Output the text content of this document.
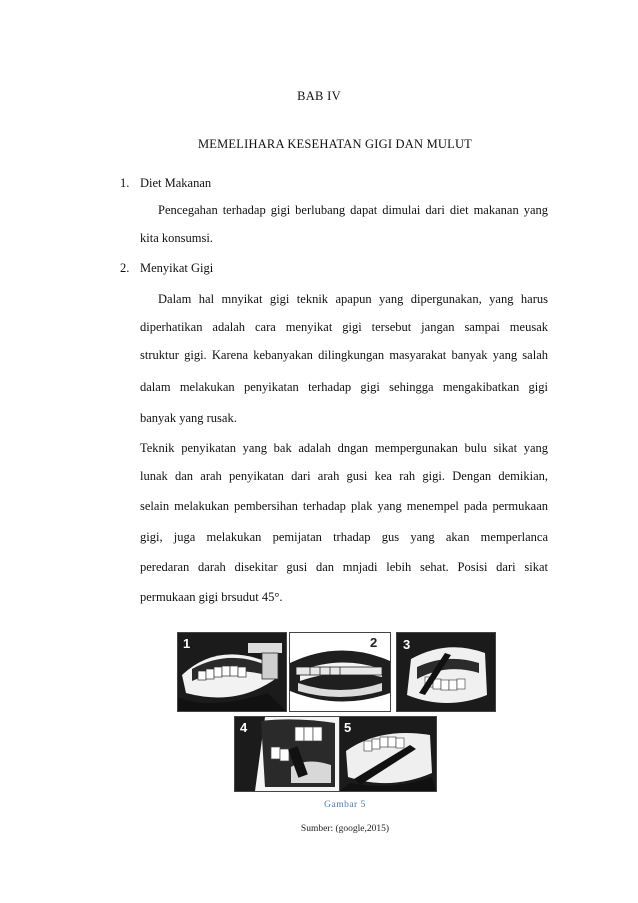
BAB IV
MEMELIHARA KESEHATAN GIGI DAN MULUT
1. Diet Makanan
Pencegahan terhadap gigi berlubang dapat dimulai dari diet makanan yang
kita konsumsi.
2. Menyikat Gigi
Dalam hal mnyikat gigi teknik apapun yang dipergunakan, yang harus
diperhatikan adalah cara menyikat gigi tersebut jangan sampai meusak
struktur gigi. Karena kebanyakan dilingkungan masyarakat banyak yang salah
dalam melakukan penyikatan terhadap gigi sehingga mengakibatkan gigi
banyak yang rusak.
Teknik penyikatan yang bak adalah dngan mempergunakan bulu sikat yang
lunak dan arah penyikatan dari arah gusi kea rah gigi. Dengan demikian,
selain melakukan pembersihan terhadap plak yang menempel pada permukaan
gigi, juga melakukan pemijatan trhadap gus yang akan memperlanca
peredaran darah disekitar gusi dan mnjadi lebih sehat. Posisi dari sikat
permukaan gigi brsudut 45°.
1	2 3
4	5
Gambar 5
Sumber: (google,2015)
